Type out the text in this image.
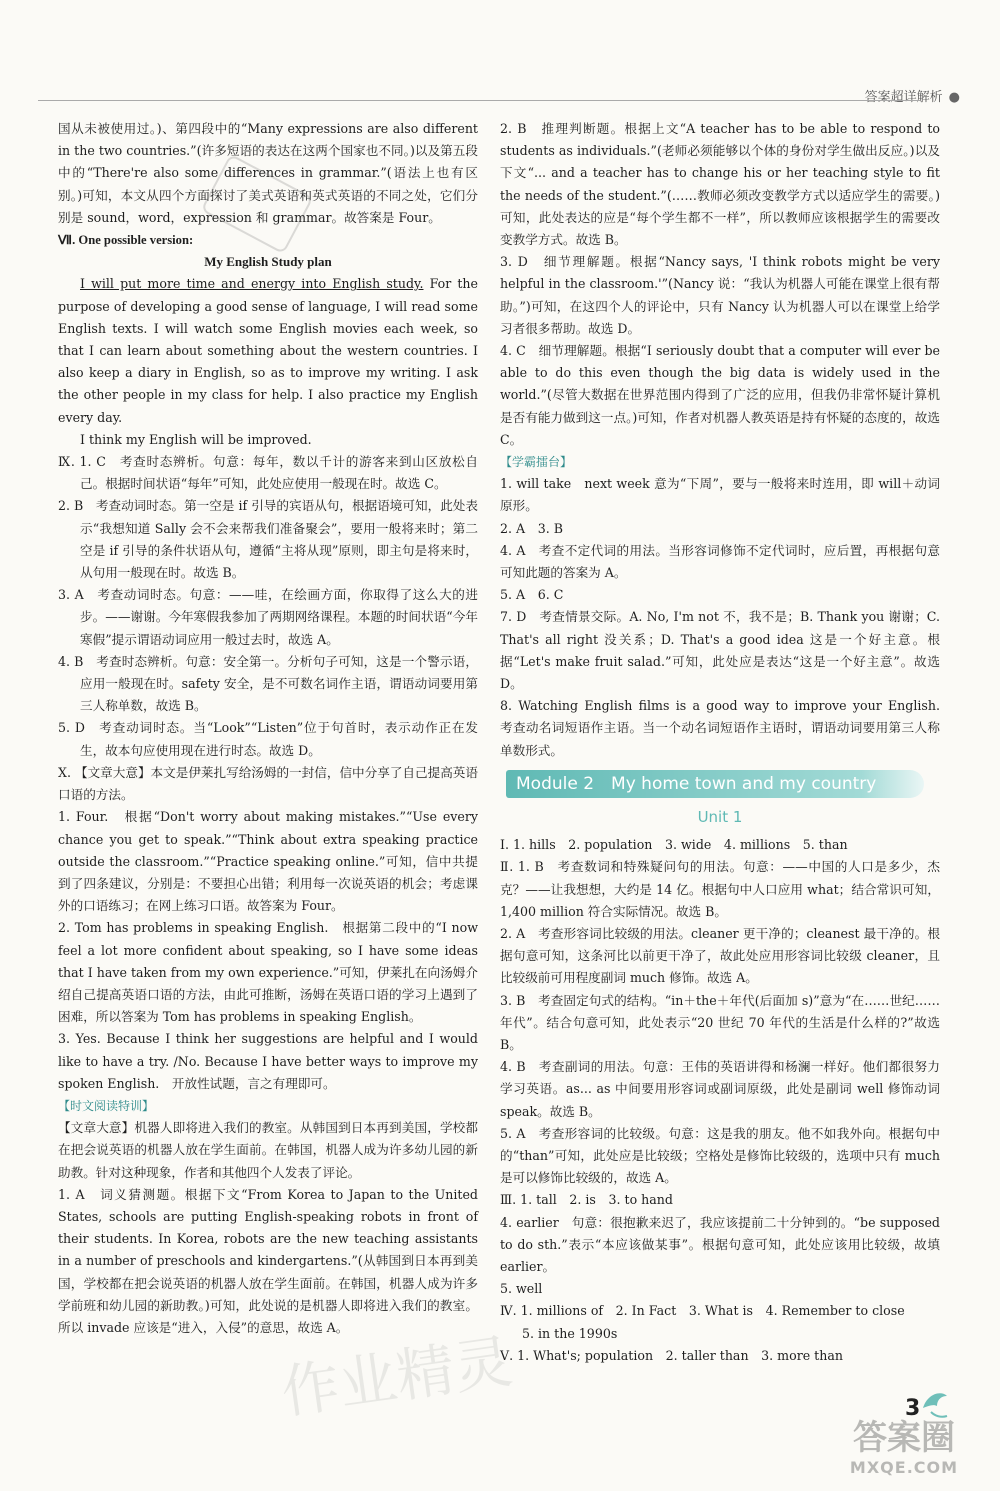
答案超详解析 ●

国从未被使用过。)、第四段中的“Many expressions are also different in the two countries.”(许多短语的表达在这两个国家也不同。)以及第五段中的“There're also some differences in grammar.”(语法上也有区别。)可知，本文从四个方面探讨了美式英语和英式英语的不同之处，它们分别是 sound，word，expression 和 grammar。故答案是 Four。

Ⅶ. One possible version:

My English Study plan

I will put more time and energy into English study. For the purpose of developing a good sense of language, I will read some English texts. I will watch some English movies each week, so that I can learn about something about the western countries. I also keep a diary in English, so as to improve my writing. I ask the other people in my class for help. I also practice my English every day.

I think my English will be improved.

Ⅸ. 1. C　考查时态辨析。句意：每年，数以千计的游客来到山区放松自己。根据时间状语“每年”可知，此处应使用一般现在时。故选 C。

2. B　考查动词时态。第一空是 if 引导的宾语从句，根据语境可知，此处表示“我想知道 Sally 会不会来帮我们准备聚会”，要用一般将来时；第二空是 if 引导的条件状语从句，遵循“主将从现”原则，即主句是将来时，从句用一般现在时。故选 B。

3. A　考查动词时态。句意：——哇，在绘画方面，你取得了这么大的进步。——谢谢。今年寒假我参加了两期网络课程。本题的时间状语“今年寒假”提示谓语动词应用一般过去时，故选 A。

4. B　考查时态辨析。句意：安全第一。分析句子可知，这是一个警示语，应用一般现在时。safety 安全，是不可数名词作主语，谓语动词要用第三人称单数，故选 B。

5. D　考查动词时态。当“Look”“Listen”位于句首时，表示动作正在发生，故本句应使用现在进行时态。故选 D。

Ⅹ. 【文章大意】本文是伊莱扎写给汤姆的一封信，信中分享了自己提高英语口语的方法。

1. Four.　根据“Don't worry about making mistakes.”“Use every chance you get to speak.”“Think about extra speaking practice outside the classroom.”“Practice speaking online.”可知，信中共提到了四条建议，分别是：不要担心出错；利用每一次说英语的机会；考虑课外的口语练习；在网上练习口语。故答案为 Four。

2. Tom has problems in speaking English.　根据第二段中的“I now feel a lot more confident about speaking, so I have some ideas that I have taken from my own experience.”可知，伊莱扎在向汤姆介绍自己提高英语口语的方法，由此可推断，汤姆在英语口语的学习上遇到了困难，所以答案为 Tom has problems in speaking English。

3. Yes. Because I think her suggestions are helpful and I would like to have a try. /No. Because I have better ways to improve my spoken English.　开放性试题，言之有理即可。

【时文阅读特训】

【文章大意】机器人即将进入我们的教室。从韩国到日本再到美国，学校都在把会说英语的机器人放在学生面前。在韩国，机器人成为许多幼儿园的新助教。针对这种现象，作者和其他四个人发表了评论。

1. A　词义猜测题。根据下文“From Korea to Japan to the United States, schools are putting English-speaking robots in front of their students. In Korea, robots are the new teaching assistants in a number of preschools and kindergartens.”(从韩国到日本再到美国，学校都在把会说英语的机器人放在学生面前。在韩国，机器人成为许多学前班和幼儿园的新助教。)可知，此处说的是机器人即将进入我们的教室。所以 invade 应该是“进入，入侵”的意思，故选 A。

2. B　推理判断题。根据上文“A teacher has to be able to respond to students as individuals.”(老师必须能够以个体的身份对学生做出反应。)以及下文“... and a teacher has to change his or her teaching style to fit the needs of the student.”(……教师必须改变教学方式以适应学生的需要。)可知，此处表达的应是“每个学生都不一样”，所以教师应该根据学生的需要改变教学方式。故选 B。

3. D　细节理解题。根据“Nancy says, 'I think robots might be very helpful in the classroom.'”(Nancy 说：“我认为机器人可能在课堂上很有帮助。”)可知，在这四个人的评论中，只有 Nancy 认为机器人可以在课堂上给学习者很多帮助。故选 D。

4. C　细节理解题。根据“I seriously doubt that a computer will ever be able to do this even though the big data is widely used in the world.”(尽管大数据在世界范围内得到了广泛的应用，但我仍非常怀疑计算机是否有能力做到这一点。)可知，作者对机器人教英语是持有怀疑的态度的，故选 C。

【学霸擂台】

1. will take　next week 意为“下周”，要与一般将来时连用，即 will＋动词原形。

2. A　3. B

4. A　考查不定代词的用法。当形容词修饰不定代词时，应后置，再根据句意可知此题的答案为 A。

5. A　6. C

7. D　考查情景交际。A. No, I'm not 不，我不是；B. Thank you 谢谢；C. That's all right 没关系；D. That's a good idea 这是一个好主意。根据“Let's make fruit salad.”可知，此处应是表达“这是一个好主意”。故选 D。

8. Watching English films is a good way to improve your English.　考查动名词短语作主语。当一个动名词短语作主语时，谓语动词要用第三人称单数形式。

Module 2　My home town and my country
Unit 1

Ⅰ. 1. hills　2. population　3. wide　4. millions　5. than

Ⅱ. 1. B　考查数词和特殊疑问句的用法。句意：——中国的人口是多少，杰克？——让我想想，大约是 14 亿。根据句中人口应用 what；结合常识可知，1,400 million 符合实际情况。故选 B。

2. A　考查形容词比较级的用法。cleaner 更干净的；cleanest 最干净的。根据句意可知，这条河比以前更干净了，故此处应用形容词比较级 cleaner，且比较级前可用程度副词 much 修饰。故选 A。

3. B　考查固定句式的结构。“in＋the＋年代(后面加 s)”意为“在……世纪……年代”。结合句意可知，此处表示“20 世纪 70 年代的生活是什么样的?”故选 B。

4. B　考查副词的用法。句意：王伟的英语讲得和杨澜一样好。他们都很努力学习英语。as... as 中间要用形容词或副词原级，此处是副词 well 修饰动词 speak。故选 B。

5. A　考查形容词的比较级。句意：这是我的朋友。他不如我外向。根据句中的“than”可知，此处应是比较级；空格处是修饰比较级的，选项中只有 much 是可以修饰比较级的，故选 A。

Ⅲ. 1. tall　2. is　3. to hand

4. earlier　句意：很抱歉来迟了，我应该提前二十分钟到的。“be supposed to do sth.”表示“本应该做某事”。根据句意可知，此处应该用比较级，故填 earlier。

5. well

Ⅳ. 1. millions of　2. In Fact　3. What is　4. Remember to close

5. in the 1990s

Ⅴ. 1. What's; population　2. taller than　3. more than

作业精灵	3
答案圈
MXQE.COM
